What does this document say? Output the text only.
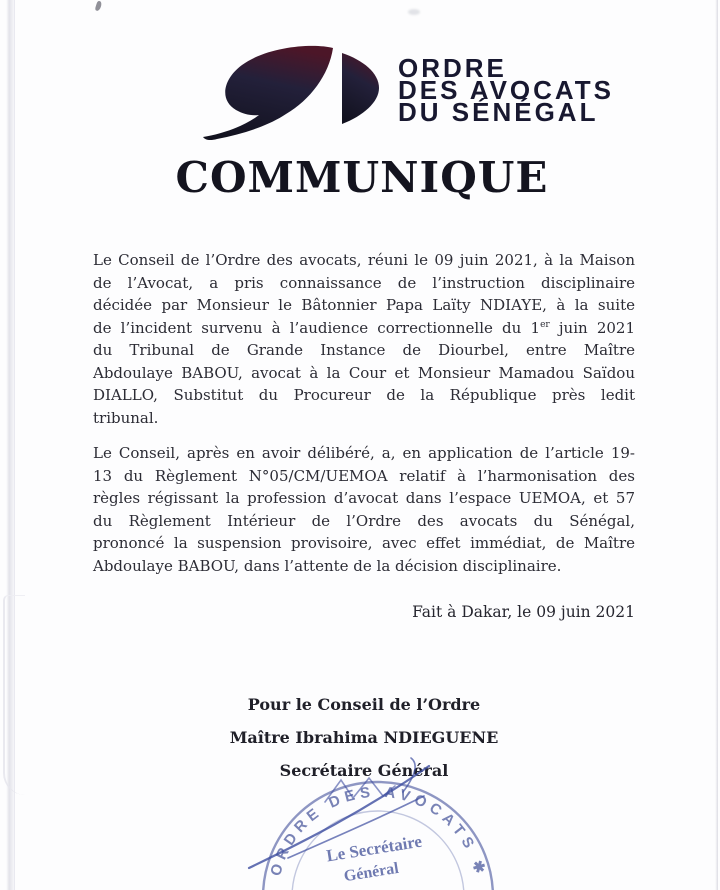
ORDRE
DES AVOCATS
DU SÉNÉGAL
COMMUNIQUE
Le Conseil de l’Ordre des avocats, réuni le 09 juin 2021, à la Maison
de l’Avocat, a pris connaissance de l’instruction disciplinaire
décidée par Monsieur le Bâtonnier Papa Laïty NDIAYE, à la suite
de l’incident survenu à l’audience correctionnelle du 1er juin 2021
du Tribunal de Grande Instance de Diourbel, entre Maître
Abdoulaye BABOU, avocat à la Cour et Monsieur Mamadou Saïdou
DIALLO, Substitut du Procureur de la République près ledit
tribunal.
Le Conseil, après en avoir délibéré, a, en application de l’article 19-
13 du Règlement N°05/CM/UEMOA relatif à l’harmonisation des
règles régissant la profession d’avocat dans l’espace UEMOA, et 57
du Règlement Intérieur de l’Ordre des avocats du Sénégal,
prononcé la suspension provisoire, avec effet immédiat, de Maître
Abdoulaye BABOU, dans l’attente de la décision disciplinaire.
Fait à Dakar, le 09 juin 2021
Pour le Conseil de l’Ordre
Maître Ibrahima NDIEGUENE
Secrétaire Général
ORDRE DES AVOCATS ✱
Le Secrétaire
Général
